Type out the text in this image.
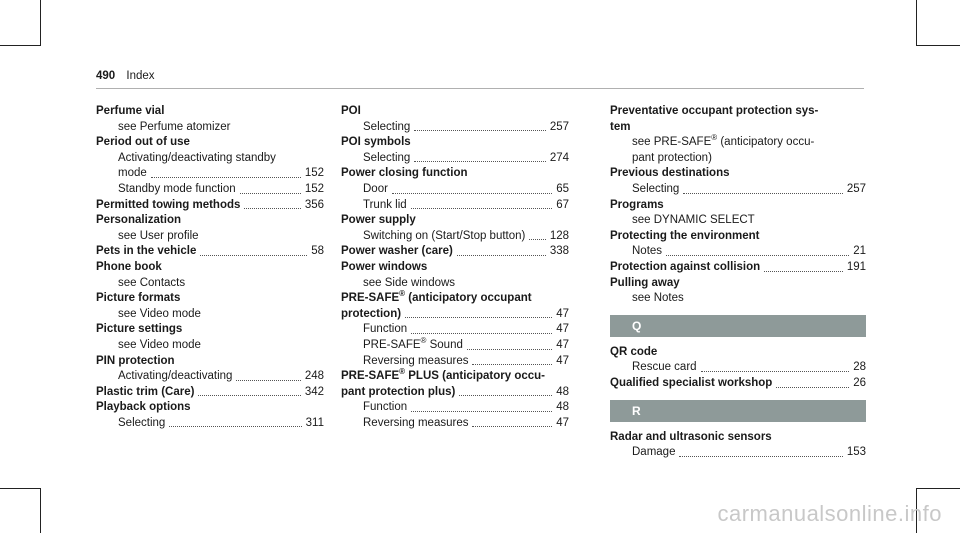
490 Index
Perfume vial
see Perfume atomizer
Period out of use
Activating/deactivating standby
mode	152
Standby mode function	152
Permitted towing methods	356
Personalization
see User profile
Pets in the vehicle	58
Phone book
see Contacts
Picture formats
see Video mode
Picture settings
see Video mode
PIN protection
Activating/deactivating	248
Plastic trim (Care)	342
Playback options
Selecting	311
POI
Selecting	257
POI symbols
Selecting	274
Power closing function
Door	65
Trunk lid	67
Power supply
Switching on (Start/Stop button) 128
Power washer (care)	338
Power windows
see Side windows
PRE-SAFE® (anticipatory occupant
protection)	47
Function	47
PRE-SAFE® Sound	47
Reversing measures	47
PRE-SAFE® PLUS (anticipatory occu-
pant protection plus)	48
Function	48
Reversing measures	47
Preventative occupant protection sys-
tem
see PRE-SAFE® (anticipatory occu-
pant protection)
Previous destinations
Selecting	257
Programs
see DYNAMIC SELECT
Protecting the environment
Notes	21
Protection against collision	191
Pulling away
see Notes
Q
QR code
Rescue card	28
Qualified specialist workshop	26
R
Radar and ultrasonic sensors
Damage	153
carmanualsonline.info
